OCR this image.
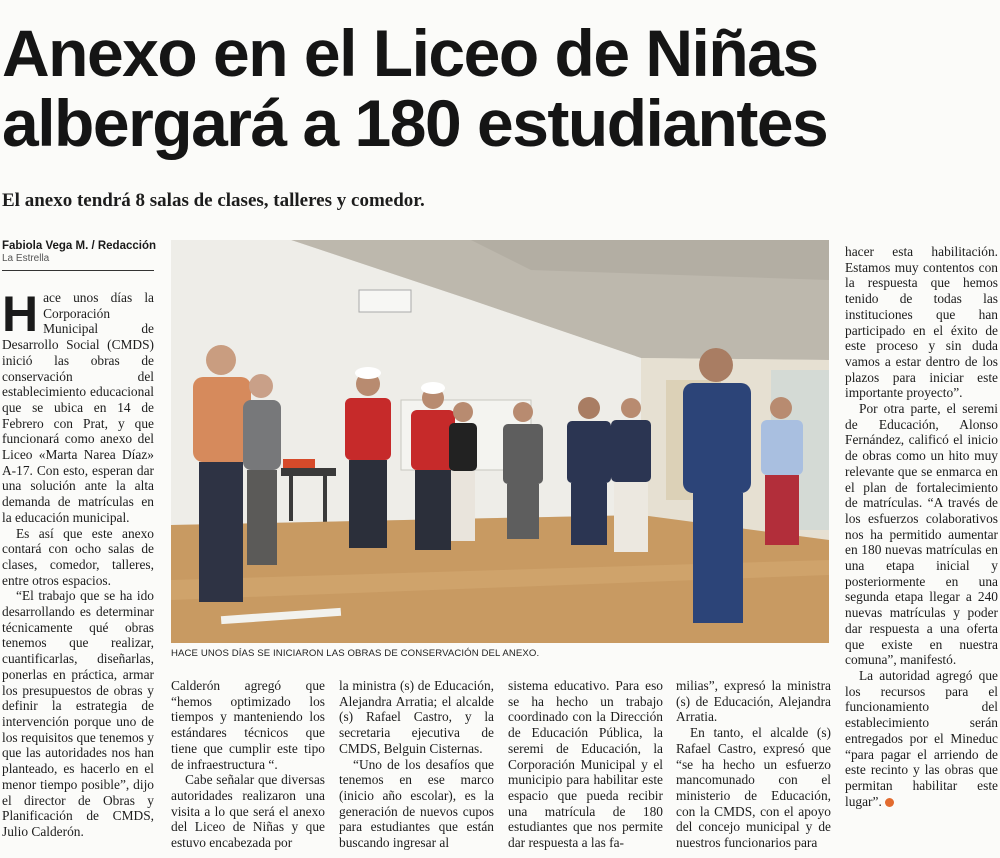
Anexo en el Liceo de Niñas
albergará a 180 estudiantes
El anexo tendrá 8 salas de clases, talleres y comedor.
Fabiola Vega M. / Redacción
La Estrella

Hace unos días la Corporación Municipal de Desarrollo Social (CMDS) inició las obras de conservación del establecimiento educacional que se ubica en 14 de Febrero con Prat, y que funcionará como anexo del Liceo «Marta Narea Díaz» A-17. Con esto, esperan dar una solución ante la alta demanda de matrículas en la educación municipal.

Es así que este anexo contará con ocho salas de clases, comedor, talleres, entre otros espacios.

“El trabajo que se ha ido desarrollando es determinar técnicamente qué obras tenemos que realizar, cuantificarlas, diseñarlas, ponerlas en práctica, armar los presupuestos de obras y definir la estrategia de intervención porque uno de los requisitos que tenemos y que las autoridades nos han planteado, es hacerlo en el menor tiempo posible”, dijo el director de Obras y Planificación de CMDS, Julio Calderón.

HACE UNOS DÍAS SE INICIARON LAS OBRAS DE CONSERVACIÓN DEL ANEXO.

Calderón agregó que “hemos optimizado los tiempos y manteniendo los estándares técnicos que tiene que cumplir este tipo de infraestructura “.

Cabe señalar que diversas autoridades realizaron una visita a lo que será el anexo del Liceo de Niñas y que estuvo encabezada por

la ministra (s) de Educación, Alejandra Arratia; el alcalde (s) Rafael Castro, y la secretaria ejecutiva de CMDS, Belguin Cisternas.

“Uno de los desafíos que tenemos en ese marco (inicio año escolar), es la generación de nuevos cupos para estudiantes que están buscando ingresar al

sistema educativo. Para eso se ha hecho un trabajo coordinado con la Dirección de Educación Pública, la seremi de Educación, la Corporación Municipal y el municipio para habilitar este espacio que pueda recibir una matrícula de 180 estudiantes que nos permite dar respuesta a las fa-

milias”, expresó la ministra (s) de Educación, Alejandra Arratia.

En tanto, el alcalde (s) Rafael Castro, expresó que “se ha hecho un esfuerzo mancomunado con el ministerio de Educación, con la CMDS, con el apoyo del concejo municipal y de nuestros funcionarios para

hacer esta habilitación. Estamos muy contentos con la respuesta que hemos tenido de todas las instituciones que han participado en el éxito de este proceso y sin duda vamos a estar dentro de los plazos para iniciar este importante proyecto”.

Por otra parte, el seremi de Educación, Alonso Fernández, calificó el inicio de obras como un hito muy relevante que se enmarca en el plan de fortalecimiento de matrículas. “A través de los esfuerzos colaborativos nos ha permitido aumentar en 180 nuevas matrículas en una etapa inicial y posteriormente en una segunda etapa llegar a 240 nuevas matrículas y poder dar respuesta a una oferta que existe en nuestra comuna”, manifestó.

La autoridad agregó que los recursos para el funcionamiento del establecimiento serán entregados por el Mineduc “para pagar el arriendo de este recinto y las obras que permitan habilitar este lugar”.
